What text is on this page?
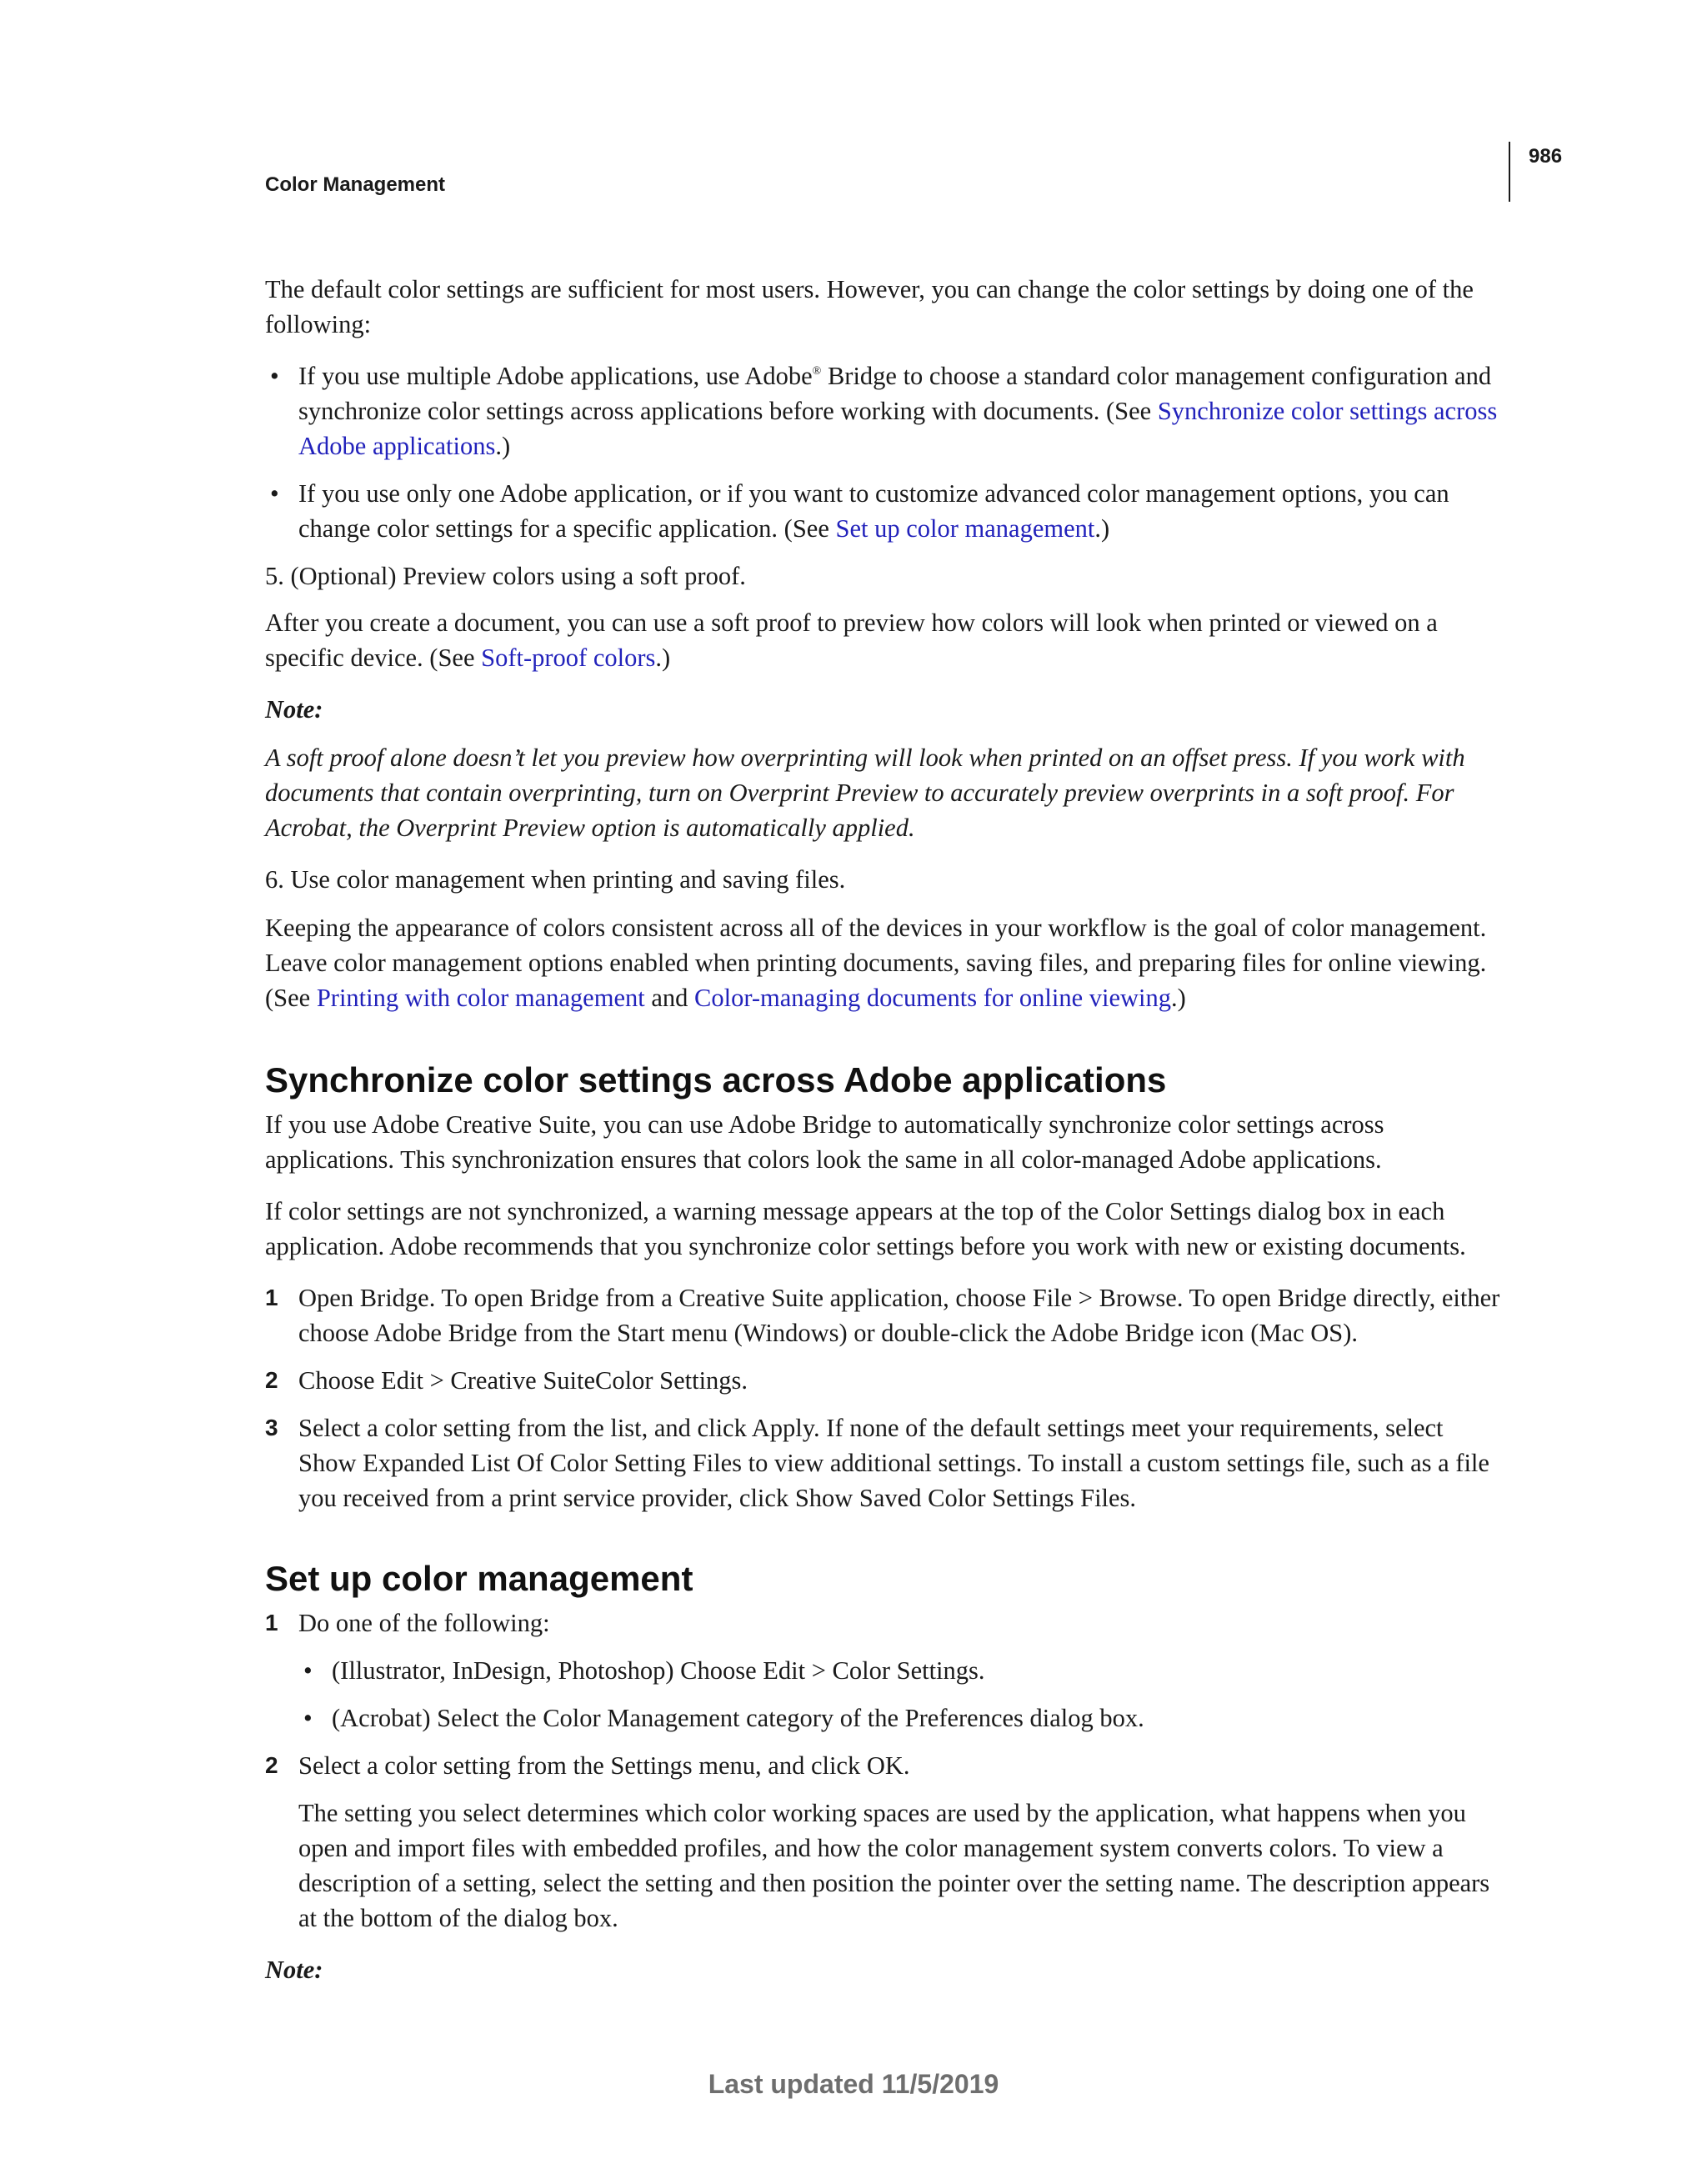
Color Management
986

The default color settings are sufficient for most users. However, you can change the color settings by doing one of the following:

• If you use multiple Adobe applications, use Adobe® Bridge to choose a standard color management configuration and synchronize color settings across applications before working with documents. (See Synchronize color settings across Adobe applications.)
• If you use only one Adobe application, or if you want to customize advanced color management options, you can change color settings for a specific application. (See Set up color management.)

5. (Optional) Preview colors using a soft proof.

After you create a document, you can use a soft proof to preview how colors will look when printed or viewed on a specific device. (See Soft-proof colors.)

Note:

A soft proof alone doesn’t let you preview how overprinting will look when printed on an offset press. If you work with documents that contain overprinting, turn on Overprint Preview to accurately preview overprints in a soft proof. For Acrobat, the Overprint Preview option is automatically applied.

6. Use color management when printing and saving files.

Keeping the appearance of colors consistent across all of the devices in your workflow is the goal of color management. Leave color management options enabled when printing documents, saving files, and preparing files for online viewing. (See Printing with color management and Color-managing documents for online viewing.)

Synchronize color settings across Adobe applications

If you use Adobe Creative Suite, you can use Adobe Bridge to automatically synchronize color settings across applications. This synchronization ensures that colors look the same in all color-managed Adobe applications.

If color settings are not synchronized, a warning message appears at the top of the Color Settings dialog box in each application. Adobe recommends that you synchronize color settings before you work with new or existing documents.

1 Open Bridge. To open Bridge from a Creative Suite application, choose File > Browse. To open Bridge directly, either choose Adobe Bridge from the Start menu (Windows) or double-click the Adobe Bridge icon (Mac OS).
2 Choose Edit > Creative SuiteColor Settings.
3 Select a color setting from the list, and click Apply. If none of the default settings meet your requirements, select Show Expanded List Of Color Setting Files to view additional settings. To install a custom settings file, such as a file you received from a print service provider, click Show Saved Color Settings Files.
Set up color management
1 Do one of the following:
• (Illustrator, InDesign, Photoshop) Choose Edit > Color Settings.
• (Acrobat) Select the Color Management category of the Preferences dialog box.
2 Select a color setting from the Settings menu, and click OK.

The setting you select determines which color working spaces are used by the application, what happens when you open and import files with embedded profiles, and how the color management system converts colors. To view a description of a setting, select the setting and then position the pointer over the setting name. The description appears at the bottom of the dialog box.

Note:

Last updated 11/5/2019
